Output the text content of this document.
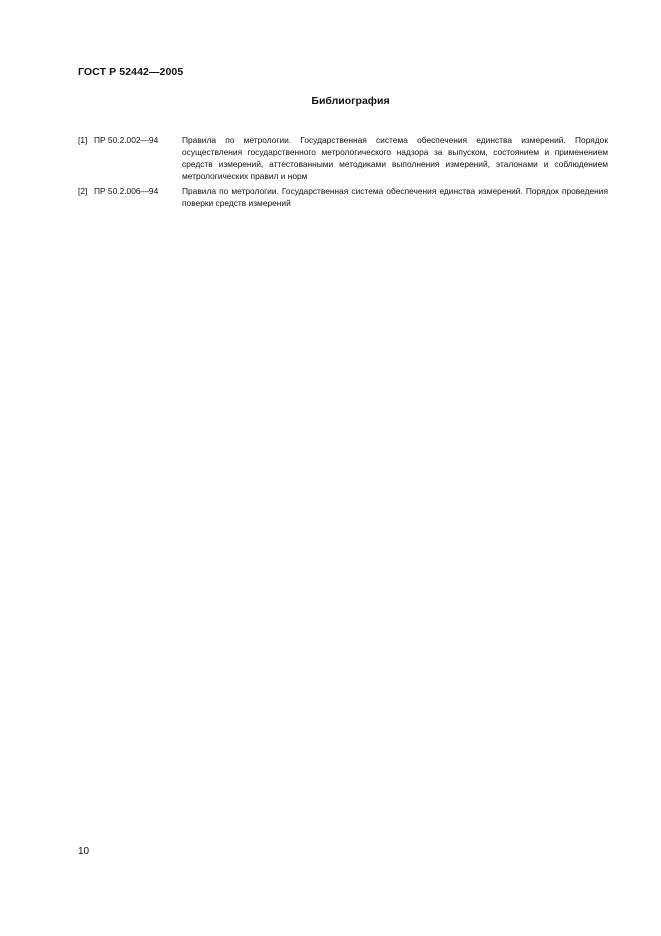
ГОСТ Р 52442—2005
Библиография
[1] ПР 50.2.002—94	Правила по метрологии. Государственная система обеспечения единства измерений. Порядок осуществления государственного метрологического надзора за выпуском, состоянием и применением средств измерений, аттестованными методиками выполнения измерений, эталонами и соблюдением метрологических правил и норм
[2] ПР 50.2.006—94	Правила по метрологии. Государственная система обеспечения единства измерений. Порядок проведения поверки средств измерений
10
